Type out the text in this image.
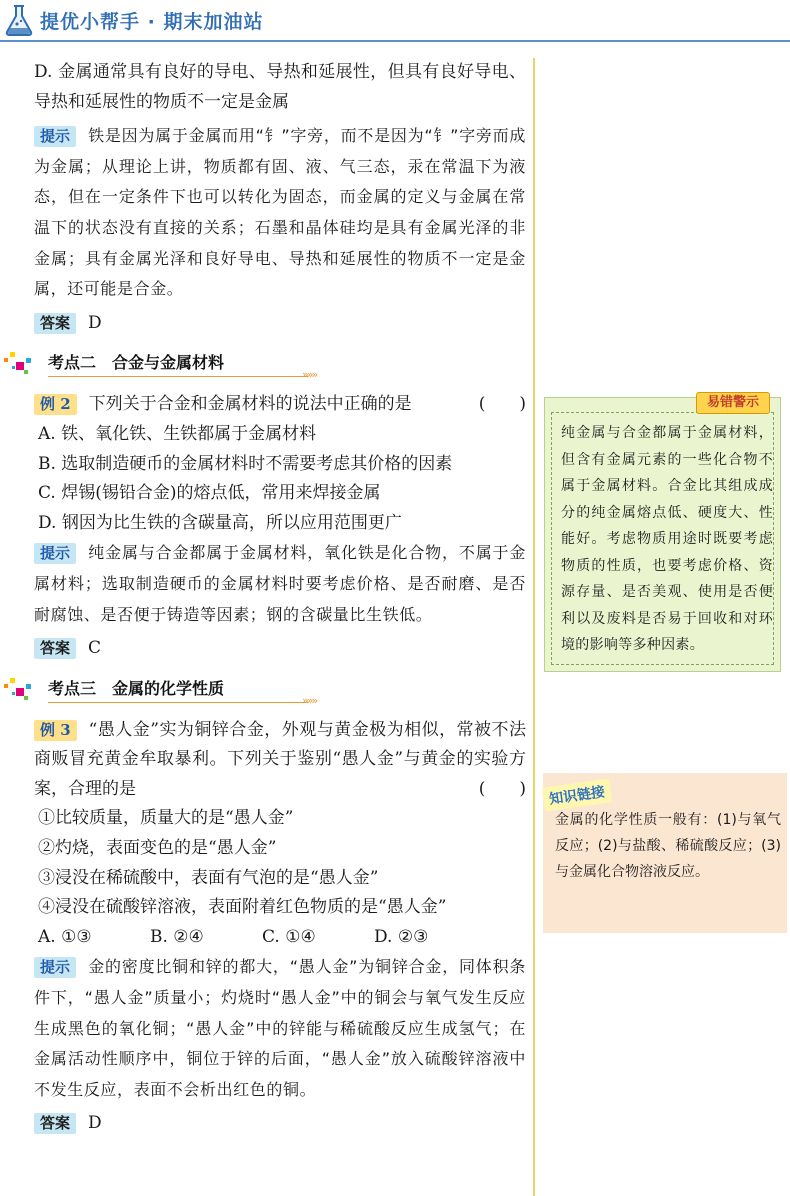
提优小帮手 · 期末加油站

D. 金属通常具有良好的导电、导热和延展性，但具有良好导电、导热和延展性的物质不一定是金属

提示 铁是因为属于金属而用“钅”字旁，而不是因为“钅”字旁而成为金属；从理论上讲，物质都有固、液、气三态，汞在常温下为液态，但在一定条件下也可以转化为固态，而金属的定义与金属在常温下的状态没有直接的关系；石墨和晶体硅均是具有金属光泽的非金属；具有金属光泽和良好导电、导热和延展性的物质不一定是金属，还可能是合金。

答案 D

考点二　合金与金属材料
»»»

例 2 下列关于合金和金属材料的说法中正确的是	(　　)

A. 铁、氧化铁、生铁都属于金属材料

B. 选取制造硬币的金属材料时不需要考虑其价格的因素

C. 焊锡(锡铅合金)的熔点低，常用来焊接金属

D. 钢因为比生铁的含碳量高，所以应用范围更广

提示 纯金属与合金都属于金属材料，氧化铁是化合物，不属于金属材料；选取制造硬币的金属材料时要考虑价格、是否耐磨、是否耐腐蚀、是否便于铸造等因素；钢的含碳量比生铁低。

答案 C

考点三　金属的化学性质
»»»

例 3 “愚人金”实为铜锌合金，外观与黄金极为相似，常被不法商贩冒充黄金牟取暴利。下列关于鉴别“愚人金”与黄金的实验方案，合理的是	(　　)

①比较质量，质量大的是“愚人金”

②灼烧，表面变色的是“愚人金”

③浸没在稀硫酸中，表面有气泡的是“愚人金”

④浸没在硫酸锌溶液，表面附着红色物质的是“愚人金”

A. ①③	B. ②④	C. ①④	D. ②③

提示 金的密度比铜和锌的都大，“愚人金”为铜锌合金，同体积条件下，“愚人金”质量小；灼烧时“愚人金”中的铜会与氧气发生反应生成黑色的氧化铜；“愚人金”中的锌能与稀硫酸反应生成氢气；在金属活动性顺序中，铜位于锌的后面，“愚人金”放入硫酸锌溶液中不发生反应，表面不会析出红色的铜。

答案 D

易错警示
纯金属与合金都属于金属材料，但含有金属元素的一些化合物不属于金属材料。合金比其组成成分的纯金属熔点低、硬度大、性能好。考虑物质用途时既要考虑物质的性质，也要考虑价格、资源存量、是否美观、使用是否便利以及废料是否易于回收和对环境的影响等多种因素。
知识链接
金属的化学性质一般有：(1)与氧气反应；(2)与盐酸、稀硫酸反应；(3)与金属化合物溶液反应。
